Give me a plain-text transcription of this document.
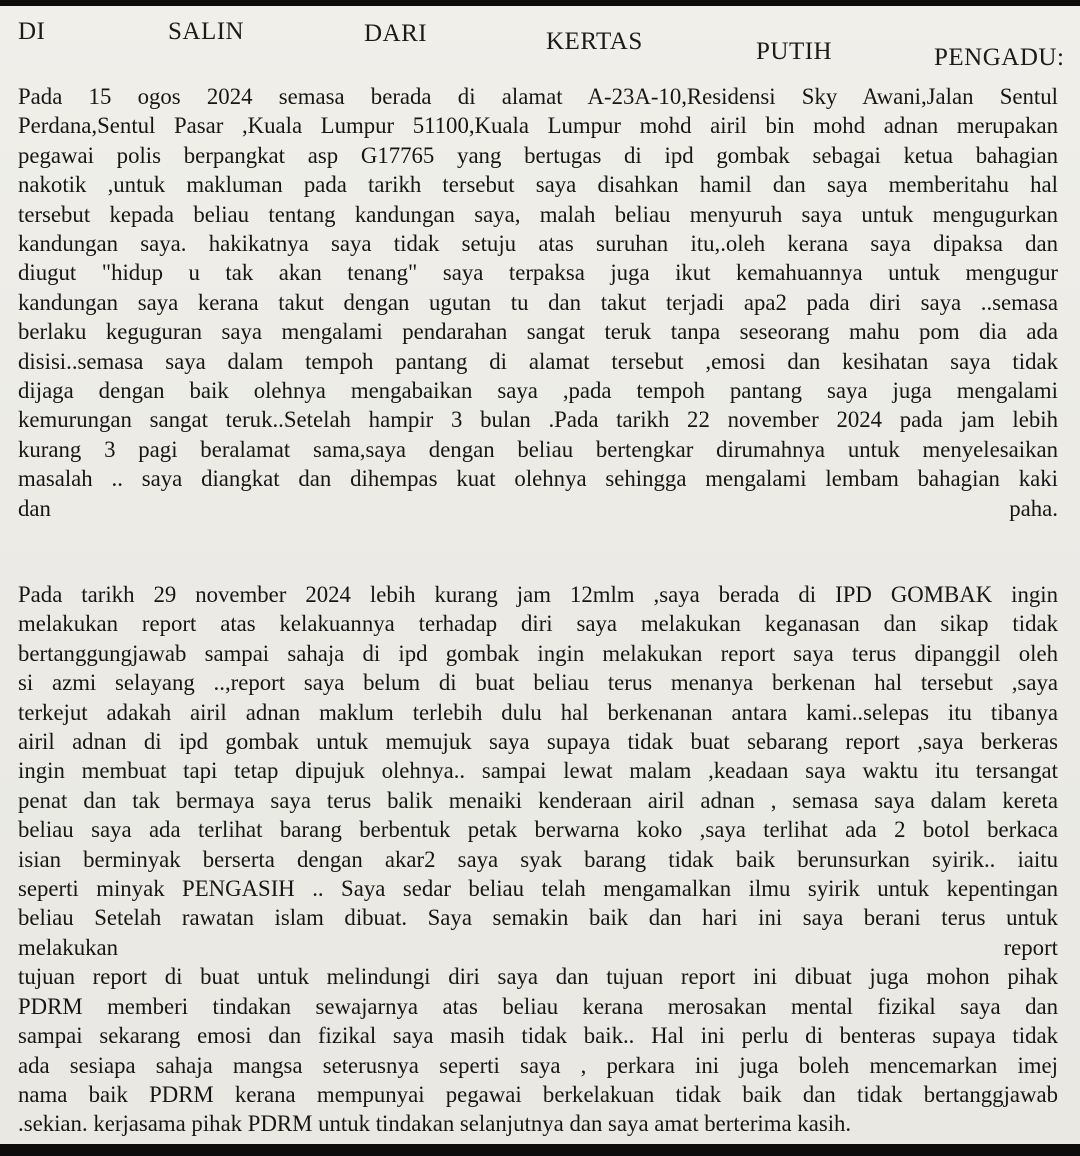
DI	SALIN	DARI	KERTAS	PUTIH	PENGADU:
Pada 15 ogos 2024 semasa berada di alamat A-23A-10,Residensi Sky Awani,Jalan Sentul
Perdana,Sentul Pasar ,Kuala Lumpur 51100,Kuala Lumpur mohd airil bin mohd adnan merupakan
pegawai polis berpangkat asp G17765 yang bertugas di ipd gombak sebagai ketua bahagian
nakotik ,untuk makluman pada tarikh tersebut saya disahkan hamil dan saya memberitahu hal
tersebut kepada beliau tentang kandungan saya, malah beliau menyuruh saya untuk mengugurkan
kandungan saya. hakikatnya saya tidak setuju atas suruhan itu,.oleh kerana saya dipaksa dan
diugut "hidup u tak akan tenang" saya terpaksa juga ikut kemahuannya untuk mengugur
kandungan saya kerana takut dengan ugutan tu dan takut terjadi apa2 pada diri saya ..semasa
berlaku keguguran saya mengalami pendarahan sangat teruk tanpa seseorang mahu pom dia ada
disisi..semasa saya dalam tempoh pantang di alamat tersebut ,emosi dan kesihatan saya tidak
dijaga dengan baik olehnya mengabaikan saya ,pada tempoh pantang saya juga mengalami
kemurungan sangat teruk..Setelah hampir 3 bulan .Pada tarikh 22 november 2024 pada jam lebih
kurang 3 pagi beralamat sama,saya dengan beliau bertengkar dirumahnya untuk menyelesaikan
masalah .. saya diangkat dan dihempas kuat olehnya sehingga mengalami lembam bahagian kaki
dan	paha.
Pada tarikh 29 november 2024 lebih kurang jam 12mlm ,saya berada di IPD GOMBAK ingin
melakukan report atas kelakuannya terhadap diri saya melakukan keganasan dan sikap tidak
bertanggungjawab sampai sahaja di ipd gombak ingin melakukan report saya terus dipanggil oleh
si azmi selayang ..,report saya belum di buat beliau terus menanya berkenan hal tersebut ,saya
terkejut adakah airil adnan maklum terlebih dulu hal berkenanan antara kami..selepas itu tibanya
airil adnan di ipd gombak untuk memujuk saya supaya tidak buat sebarang report ,saya berkeras
ingin membuat tapi tetap dipujuk olehnya.. sampai lewat malam ,keadaan saya waktu itu tersangat
penat dan tak bermaya saya terus balik menaiki kenderaan airil adnan , semasa saya dalam kereta
beliau saya ada terlihat barang berbentuk petak berwarna koko ,saya terlihat ada 2 botol berkaca
isian berminyak berserta dengan akar2 saya syak barang tidak baik berunsurkan syirik.. iaitu
seperti minyak PENGASIH .. Saya sedar beliau telah mengamalkan ilmu syirik untuk kepentingan
beliau Setelah rawatan islam dibuat. Saya semakin baik dan hari ini saya berani terus untuk
melakukan	report
tujuan report di buat untuk melindungi diri saya dan tujuan report ini dibuat juga mohon pihak
PDRM memberi tindakan sewajarnya atas beliau kerana merosakan mental fizikal saya dan
sampai sekarang emosi dan fizikal saya masih tidak baik.. Hal ini perlu di benteras supaya tidak
ada sesiapa sahaja mangsa seterusnya seperti saya , perkara ini juga boleh mencemarkan imej
nama baik PDRM kerana mempunyai pegawai berkelakuan tidak baik dan tidak bertanggjawab
.sekian. kerjasama pihak PDRM untuk tindakan selanjutnya dan saya amat berterima kasih.
